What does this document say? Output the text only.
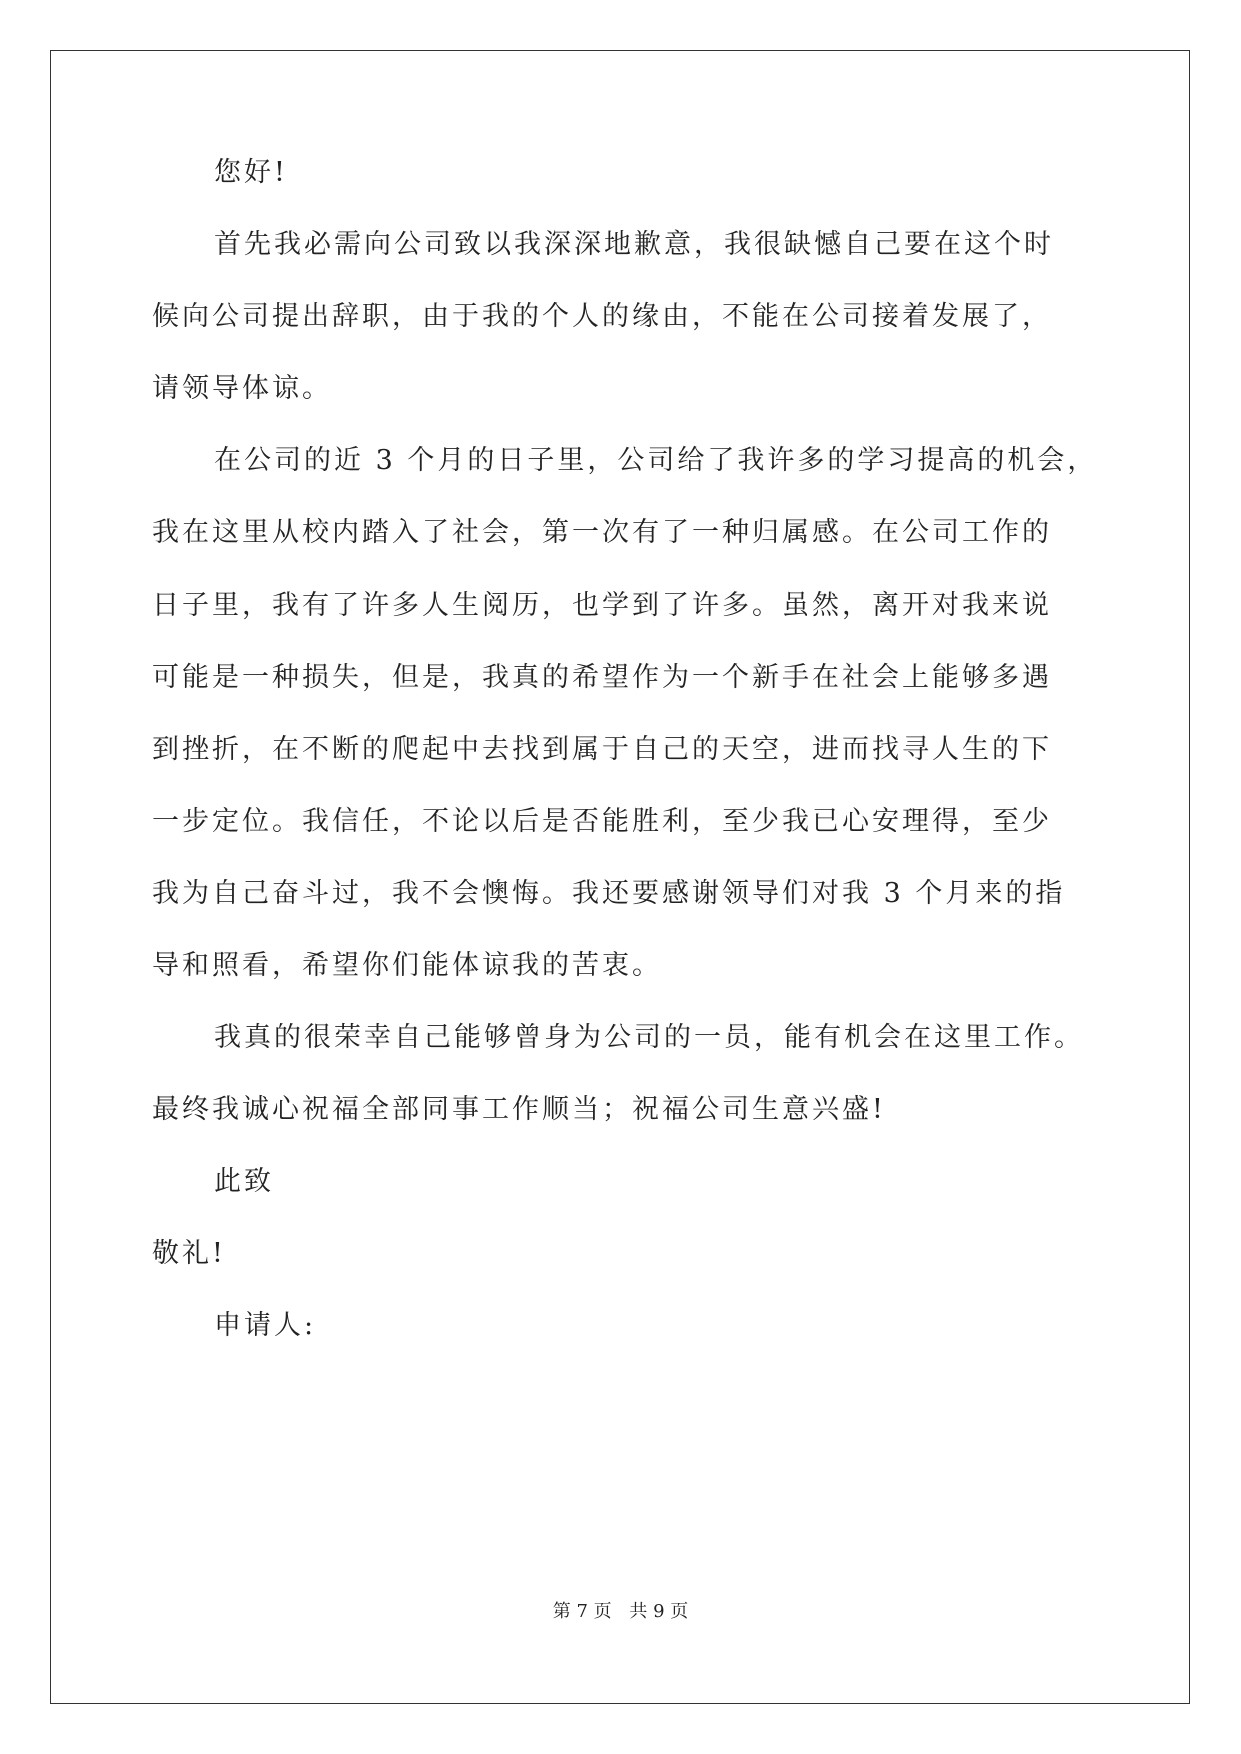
您好!
首先我必需向公司致以我深深地歉意，我很缺憾自己要在这个时
候向公司提出辞职，由于我的个人的缘由，不能在公司接着发展了，
请领导体谅。
在公司的近 3 个月的日子里，公司给了我许多的学习提高的机会，
我在这里从校内踏入了社会，第一次有了一种归属感。在公司工作的
日子里，我有了许多人生阅历，也学到了许多。虽然，离开对我来说
可能是一种损失，但是，我真的希望作为一个新手在社会上能够多遇
到挫折，在不断的爬起中去找到属于自己的天空，进而找寻人生的下
一步定位。我信任，不论以后是否能胜利，至少我已心安理得，至少
我为自己奋斗过，我不会懊悔。我还要感谢领导们对我 3 个月来的指
导和照看，希望你们能体谅我的苦衷。
我真的很荣幸自己能够曾身为公司的一员，能有机会在这里工作。
最终我诚心祝福全部同事工作顺当；祝福公司生意兴盛!
此致
敬礼!
申请人:
第 7 页 共 9 页
